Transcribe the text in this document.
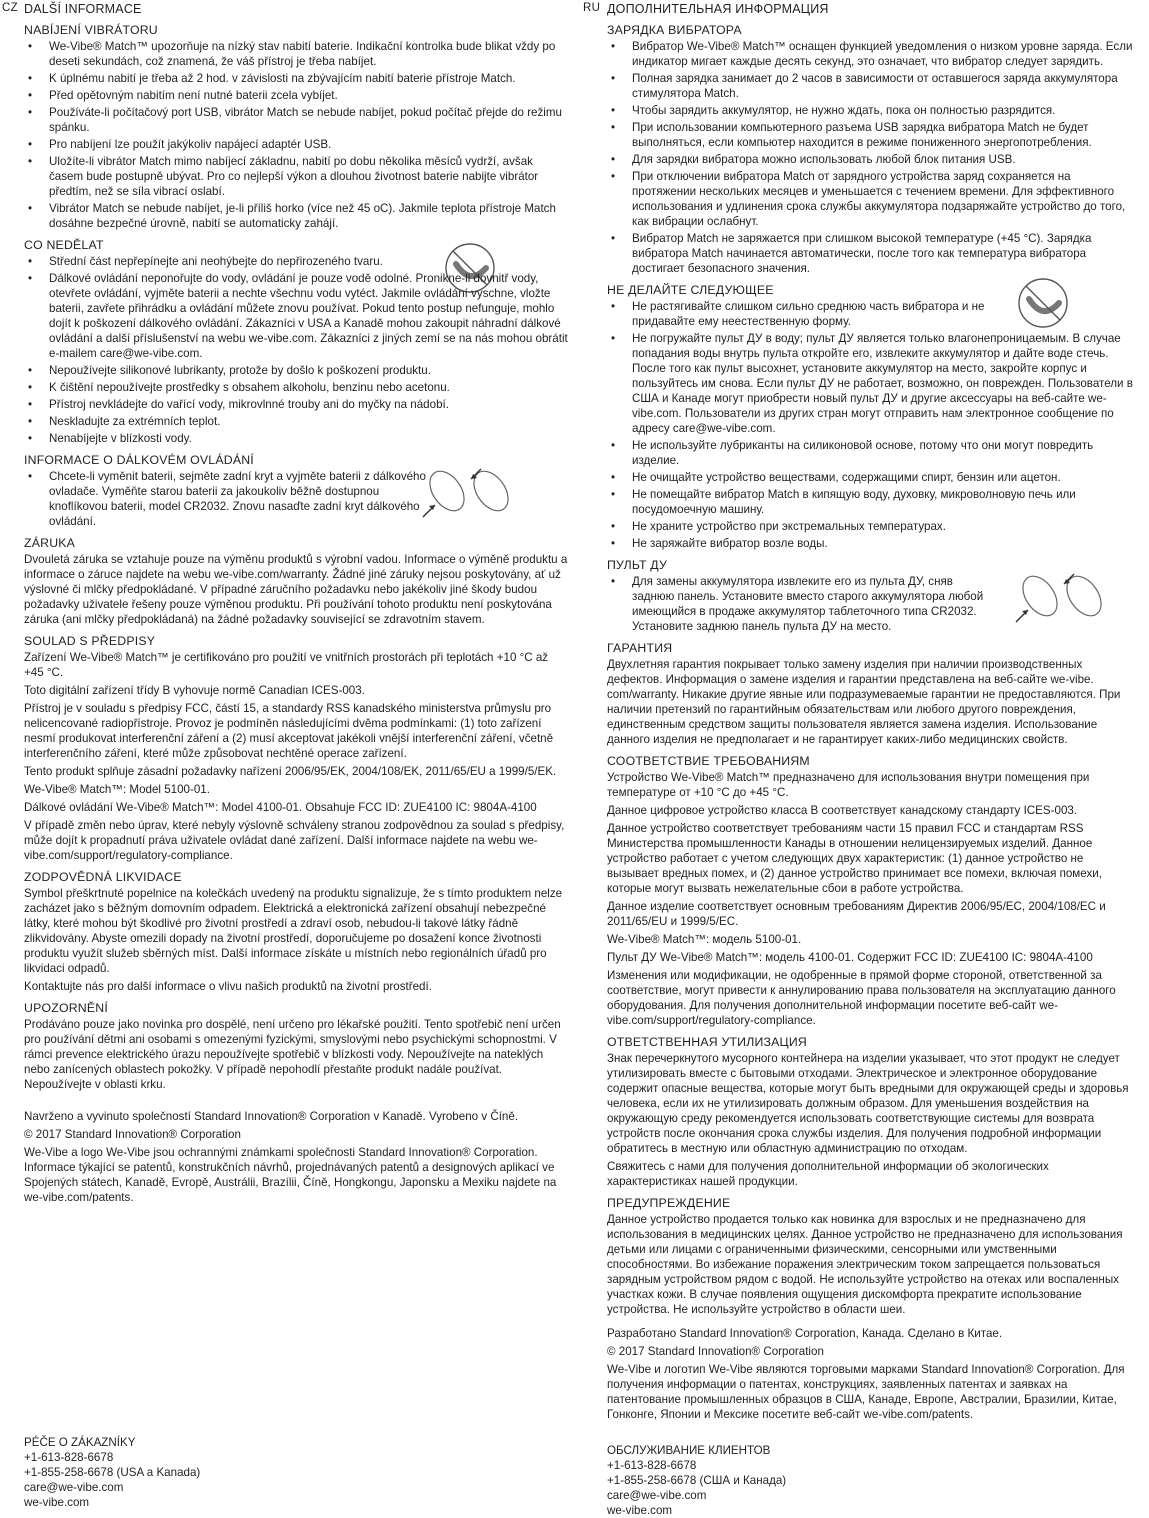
CZ	RU
DALŠÍ INFORMACE
NABÍJENÍ VIBRÁTORU
• We-Vibe® Match™ upozorňuje na nízký stav nabití baterie. Indikační kontrolka bude blikat vždy po deseti sekundách, což znamená, že váš přístroj je třeba nabíjet.
• K úplnému nabití je třeba až 2 hod. v závislosti na zbývajícím nabití baterie přístroje Match.
• Před opětovným nabitím není nutné baterii zcela vybíjet.
• Používáte-li počítačový port USB, vibrátor Match se nebude nabíjet, pokud počítač přejde do režimu spánku.
• Pro nabíjení lze použít jakýkoliv napájecí adaptér USB.
• Uložíte-li vibrátor Match mimo nabíjecí základnu, nabití po dobu několika měsíců vydrží, avšak časem bude postupně ubývat. Pro co nejlepší výkon a dlouhou životnost baterie nabijte vibrátor předtím, než se síla vibrací oslabí.
• Vibrátor Match se nebude nabíjet, je-li příliš horko (více než 45 oC). Jakmile teplota přístroje Match dosáhne bezpečné úrovně, nabití se automaticky zahájí.
CO NEDĚLAT
• Střední část nepřepínejte ani neohýbejte do nepřirozeného tvaru.
• Dálkové ovládání neponořujte do vody, ovládání je pouze vodě odolné. Proniknе-li dovnitř vody, otevřete ovládání, vyjměte baterii a nechte všechnu vodu vytéct. Jakmile ovládání vyschne, vložte baterii, zavřete přihrádku a ovládání můžete znovu používat. Pokud tento postup nefunguje, mohlo dojít k poškození dálkového ovládání. Zákazníci v USA a Kanadě mohou zakoupit náhradní dálkové ovládání a další příslušenství na webu we-vibe.com. Zákazníci z jiných zemí se na nás mohou obrátit e-mailem care@we-vibe.com.
• Nepoužívejte silikonové lubrikanty, protože by došlo k poškození produktu.
• K čištění nepoužívejte prostředky s obsahem alkoholu, benzinu nebo acetonu.
• Přístroj nevkládejte do vařící vody, mikrovlnné trouby ani do myčky na nádobí.
• Neskladujte za extrémních teplot.
• Nenabíjejte v blízkosti vody.
INFORMACE O DÁLKOVÉM OVLÁDÁNÍ
• Chcete-li vyměnit baterii, sejměte zadní kryt a vyjměte baterii z dálkového ovladače. Vyměňte starou baterii za jakoukoliv běžně dostupnou knoflíkovou baterii, model CR2032. Znovu nasaďte zadní kryt dálkového ovládání.
ZÁRUKA

Dvouletá záruka se vztahuje pouze na výměnu produktů s výrobní vadou. Informace o výměně produktu a informace o záruce najdete na webu we-vibe.com/warranty. Žádné jiné záruky nejsou poskytovány, ať už výslovné či mlčky předpokládané. V případné záručního požadavku nebo jakékoliv jiné škody budou požadavky uživatele řešeny pouze výměnou produktu. Při používání tohoto produktu není poskytována záruka (ani mlčky předpokládaná) na žádné požadavky související se zdravotním stavem.

SOULAD S PŘEDPISY

Zařízení We-Vibe® Match™ je certifikováno pro použití ve vnitřních prostorách při teplotách +10 °C až +45 °C.

Toto digitální zařízení třídy B vyhovuje normě Canadian ICES-003.

Přístroj je v souladu s předpisy FCC, částí 15, a standardy RSS kanadského ministerstva průmyslu pro nelicencované radiopřístroje. Provoz je podmíněn následujícími dvěma podmínkami: (1) toto zařízení nesmí produkovat interferenční záření a (2) musí akceptovat jakékoli vnější interferenční záření, včetně interferenčního záření, které může způsobovat nechtěné operace zařízení.

Tento produkt splňuje zásadní požadavky nařízení 2006/95/EK, 2004/108/EK, 2011/65/EU a 1999/5/EK.

We-Vibe® Match™: Model 5100-01.

Dálkové ovládání We-Vibe® Match™: Model 4100-01. Obsahuje FCC ID: ZUE4100 IC: 9804A-4100

V případě změn nebo úprav, které nebyly výslovně schváleny stranou zodpovědnou za soulad s předpisy, může dojít k propadnutí práva uživatele ovládat dané zařízení. Další informace najdete na webu we-vibe.com/support/regulatory-compliance.

ZODPOVĚDNÁ LIKVIDACE

Symbol přeškrtnuté popelnice na kolečkách uvedený na produktu signalizuje, že s tímto produktem nelze zacházet jako s běžným domovním odpadem. Elektrická a elektronická zařízení obsahují nebezpečné látky, které mohou být škodlivé pro životní prostředí a zdraví osob, nebudou-li takové látky řádně zlikvidovány. Abyste omezili dopady na životní prostředí, doporučujeme po dosažení konce životnosti produktu využít služeb sběrných míst. Další informace získáte u místních nebo regionálních úřadů pro likvidaci odpadů.

Kontaktujte nás pro další informace o vlivu našich produktů na životní prostředí.

UPOZORNĚNÍ

Prodáváno pouze jako novinka pro dospělé, není určeno pro lékařské použití. Tento spotřebič není určen pro používání dětmi ani osobami s omezenými fyzickými, smyslovými nebo psychickými schopnostmi. V rámci prevence elektrického úrazu nepoužívejte spotřebič v blízkosti vody. Nepoužívejte na nateklých nebo zanícených oblastech pokožky. V případě nepohodlí přestaňte produkt nadále používat. Nepoužívejte v oblasti krku.

Navrženo a vyvinuto společností Standard Innovation® Corporation v Kanadě. Vyrobeno v Číně.

© 2017 Standard Innovation® Corporation

We-Vibe a logo We-Vibe jsou ochrannými známkami společnosti Standard Innovation® Corporation. Informace týkající se patentů, konstrukčních návrhů, projednávaných patentů a designových aplikací ve Spojených státech, Kanadě, Evropě, Austrálii, Brazílii, Číně, Hongkongu, Japonsku a Mexiku najdete na we-vibe.com/patents.

PÉČE O ZÁKAZNÍKY
+1-613-828-6678
+1-855-258-6678 (USA a Kanada)
care@we-vibe.com
we-vibe.com
ДОПОЛНИТЕЛЬНАЯ ИНФОРМАЦИЯ
ЗАРЯДКА ВИБРАТОРА
• Вибратор We-Vibe® Match™ оснащен функцией уведомления о низком уровне заряда. Если индикатор мигает каждые десять секунд, это означает, что вибратор следует зарядить.
• Полная зарядка занимает до 2 часов в зависимости от оставшегося заряда аккумулятора стимулятора Match.
• Чтобы зарядить аккумулятор, не нужно ждать, пока он полностью разрядится.
• При использовании компьютерного разъема USB зарядка вибратора Match не будет выполняться, если компьютер находится в режиме пониженного энергопотребления.
• Для зарядки вибратора можно использовать любой блок питания USB.
• При отключении вибратора Match от зарядного устройства заряд сохраняется на протяжении нескольких месяцев и уменьшается с течением времени. Для эффективного использования и удлинения срока службы аккумулятора подзаряжайте устройство до того, как вибрации ослабнут.
• Вибратор Match не заряжается при слишком высокой температуре (+45 °С). Зарядка вибратора Match начинается автоматически, после того как температура вибратора достигает безопасного значения.
НЕ ДЕЛАЙТЕ СЛЕДУЮЩЕЕ
• Не растягивайте слишком сильно среднюю часть вибратора и не придавайте ему неестественную форму.
• Не погружайте пульт ДУ в воду; пульт ДУ является только влагонепроницаемым. В случае попадания воды внутрь пульта откройте его, извлеките аккумулятор и дайте воде стечь. После того как пульт высохнет, установите аккумулятор на место, закройте корпус и пользуйтесь им снова. Если пульт ДУ не работает, возможно, он поврежден. Пользователи в США и Канаде могут приобрести новый пульт ДУ и другие аксессуары на веб-сайте we-vibe.com. Пользователи из других стран могут отправить нам электронное сообщение по адресу care@we-vibe.com.
• Не используйте лубриканты на силиконовой основе, потому что они могут повредить изделие.
• Не очищайте устройство веществами, содержащими спирт, бензин или ацетон.
• Не помещайте вибратор Match в кипящую воду, духовку, микроволновую печь или посудомоечную машину.
• Не храните устройство при экстремальных температурах.
• Не заряжайте вибратор возле воды.
ПУЛЬТ ДУ
• Для замены аккумулятора извлеките его из пульта ДУ, сняв заднюю панель. Установите вместо старого аккумулятора любой имеющийся в продаже аккумулятор таблеточного типа CR2032. Установите заднюю панель пульта ДУ на место.
ГАРАНТИЯ

Двухлетняя гарантия покрывает только замену изделия при наличии производственных дефектов. Информация о замене изделия и гарантии представлена на веб-сайте we-vibe. com/warranty. Никакие другие явные или подразумеваемые гарантии не предоставляются. При наличии претензий по гарантийным обязательствам или любого другого повреждения, единственным средством защиты пользователя является замена изделия. Использование данного изделия не предполагает и не гарантирует каких-либо медицинских свойств.

СООТВЕТСТВИЕ ТРЕБОВАНИЯМ

Устройство We-Vibe® Match™ предназначено для использования внутри помещения при температуре от +10 °С до +45 °С.

Данное цифровое устройство класса B соответствует канадскому стандарту ICES-003.

Данное устройство соответствует требованиям части 15 правил FCC и стандартам RSS Министерства промышленности Канады в отношении нелицензируемых изделий. Данное устройство работает с учетом следующих двух характеристик: (1) данное устройство не вызывает вредных помех, и (2) данное устройство принимает все помехи, включая помехи, которые могут вызвать нежелательные сбои в работе устройства.

Данное изделие соответствует основным требованиям Директив 2006/95/EC, 2004/108/EC и 2011/65/EU и 1999/5/EC.

We-Vibe® Match™: модель 5100-01.

Пульт ДУ We-Vibe® Match™: модель 4100-01. Содержит FCC ID: ZUE4100 IC: 9804A-4100

Изменения или модификации, не одобренные в прямой форме стороной, ответственной за соответствие, могут привести к аннулированию права пользователя на эксплуатацию данного оборудования. Для получения дополнительной информации посетите веб-сайт we-vibe.com/support/regulatory-compliance.

ОТВЕТСТВЕННАЯ УТИЛИЗАЦИЯ

Знак перечеркнутого мусорного контейнера на изделии указывает, что этот продукт не следует утилизировать вместе с бытовыми отходами. Электрическое и электронное оборудование содержит опасные вещества, которые могут быть вредными для окружающей среды и здоровья человека, если их не утилизировать должным образом. Для уменьшения воздействия на окружающую среду рекомендуется использовать соответствующие системы для возврата устройств после окончания срока службы изделия. Для получения подробной информации обратитесь в местную или областную администрацию по отходам.

Свяжитесь с нами для получения дополнительной информации об экологических характеристиках нашей продукции.

ПРЕДУПРЕЖДЕНИЕ

Данное устройство продается только как новинка для взрослых и не предназначено для использования в медицинских целях. Данное устройство не предназначено для использования детьми или лицами с ограниченными физическими, сенсорными или умственными способностями. Во избежание поражения электрическим током запрещается пользоваться зарядным устройством рядом с водой. Не используйте устройство на отеках или воспаленных участках кожи. В случае появления ощущения дискомфорта прекратите использование устройства. Не используйте устройство в области шеи.

Разработано Standard Innovation® Corporation, Канада. Сделано в Китае.

© 2017 Standard Innovation® Corporation

We-Vibe и логотип We-Vibe являются торговыми марками Standard Innovation® Corporation. Для получения информации о патентах, конструкциях, заявленных патентах и заявках на патентование промышленных образцов в США, Канаде, Европе, Австралии, Бразилии, Китае, Гонконге, Японии и Мексике посетите веб-сайт we-vibe.com/patents.

ОБСЛУЖИВАНИЕ КЛИЕНТОВ
+1-613-828-6678
+1-855-258-6678 (США и Канада)
care@we-vibe.com
we-vibe.com
